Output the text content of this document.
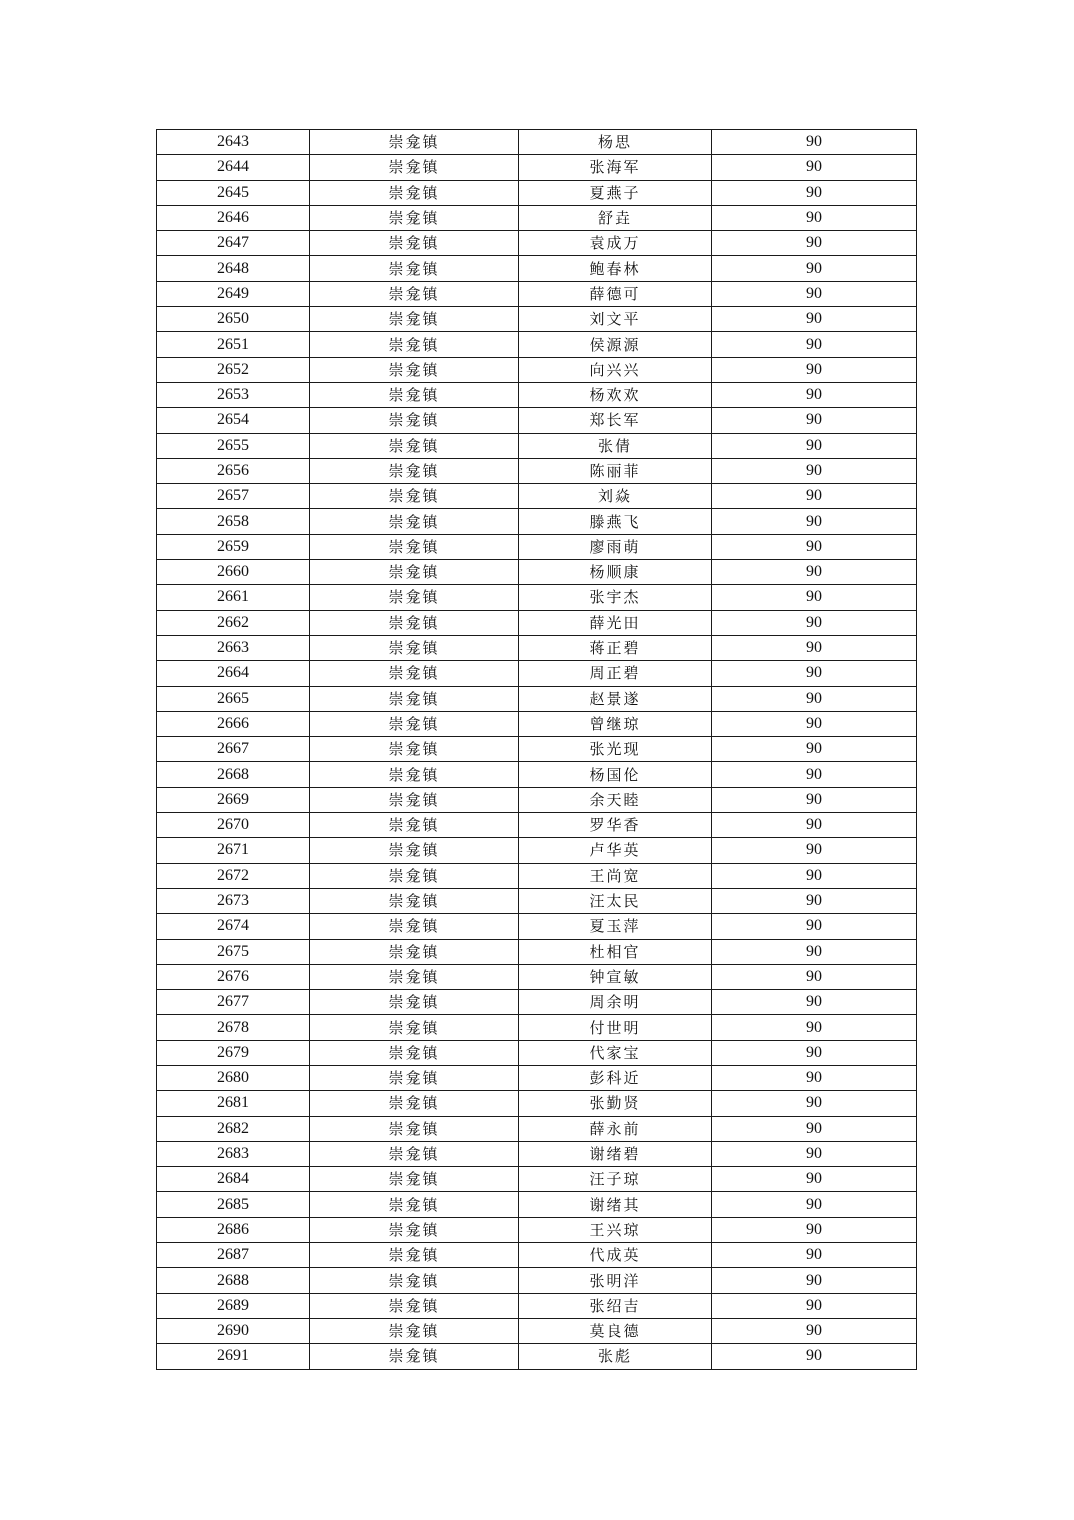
2643	崇龛镇	杨思	90
2644	崇龛镇	张海军	90
2645	崇龛镇	夏燕子	90
2646	崇龛镇	舒垚	90
2647	崇龛镇	袁成万	90
2648	崇龛镇	鲍春林	90
2649	崇龛镇	薛德可	90
2650	崇龛镇	刘文平	90
2651	崇龛镇	侯源源	90
2652	崇龛镇	向兴兴	90
2653	崇龛镇	杨欢欢	90
2654	崇龛镇	郑长军	90
2655	崇龛镇	张倩	90
2656	崇龛镇	陈丽菲	90
2657	崇龛镇	刘焱	90
2658	崇龛镇	滕燕飞	90
2659	崇龛镇	廖雨萌	90
2660	崇龛镇	杨顺康	90
2661	崇龛镇	张宇杰	90
2662	崇龛镇	薛光田	90
2663	崇龛镇	蒋正碧	90
2664	崇龛镇	周正碧	90
2665	崇龛镇	赵景遂	90
2666	崇龛镇	曾继琼	90
2667	崇龛镇	张光现	90
2668	崇龛镇	杨国伦	90
2669	崇龛镇	余天睦	90
2670	崇龛镇	罗华香	90
2671	崇龛镇	卢华英	90
2672	崇龛镇	王尚宽	90
2673	崇龛镇	汪太民	90
2674	崇龛镇	夏玉萍	90
2675	崇龛镇	杜相官	90
2676	崇龛镇	钟宣敏	90
2677	崇龛镇	周余明	90
2678	崇龛镇	付世明	90
2679	崇龛镇	代家宝	90
2680	崇龛镇	彭科近	90
2681	崇龛镇	张勤贤	90
2682	崇龛镇	薛永前	90
2683	崇龛镇	谢绪碧	90
2684	崇龛镇	汪子琼	90
2685	崇龛镇	谢绪其	90
2686	崇龛镇	王兴琼	90
2687	崇龛镇	代成英	90
2688	崇龛镇	张明洋	90
2689	崇龛镇	张绍吉	90
2690	崇龛镇	莫良德	90
2691	崇龛镇	张彪	90
